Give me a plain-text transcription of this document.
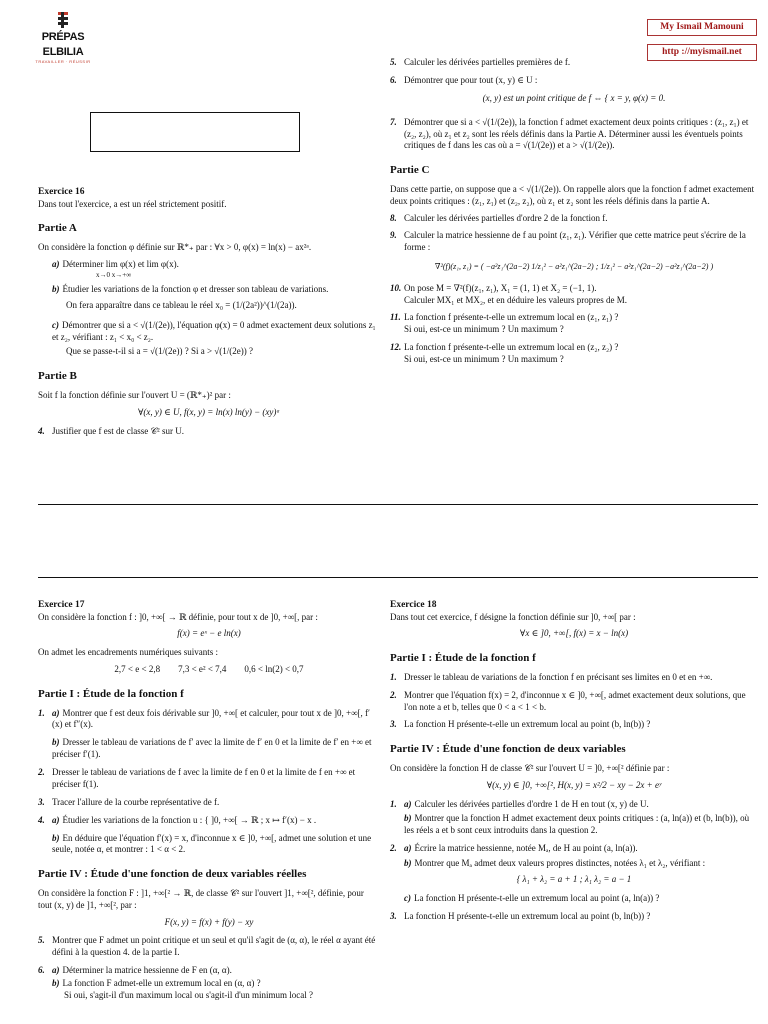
PRÉPAS ELBILIA
TRAVAILLER · RÉUSSIR
My Ismail Mamouni
http ://myismail.net
Exercice 16

Dans tout l'exercice, a est un réel strictement positif.

Partie A

On considère la fonction φ définie sur ℝ*₊ par : ∀x > 0, φ(x) = ln(x) − ax²ᵃ.

a) Déterminer lim φ(x) et lim φ(x).
x→0 x→+∞
b) Étudier les variations de la fonction φ et dresser son tableau de variations.

On fera apparaître dans ce tableau le réel x₀ = (1/(2a²))^(1/(2a)).

c) Démontrer que si a < √(1/(2e)), l'équation φ(x) = 0 admet exactement deux solutions z₁ et z₂, vérifiant : z₁ < x₀ < z₂.

Que se passe-t-il si a = √(1/(2e)) ? Si a > √(1/(2e)) ?

Partie B

Soit f la fonction définie sur l'ouvert U = (ℝ*₊)² par :

∀(x, y) ∈ U, f(x, y) = ln(x) ln(y) − (xy)ᵃ
4. Justifier que f est de classe 𝒞² sur U.
5. Calculer les dérivées partielles premières de f.
6. Démontrer que pour tout (x, y) ∈ U :
(x, y) est un point critique de f ⇔ { x = y, φ(x) = 0.
7. Démontrer que si a < √(1/(2e)), la fonction f admet exactement deux points critiques : (z₁, z₁) et (z₂, z₂), où z₁ et z₂ sont les réels définis dans la Partie A. Déterminer aussi les éventuels points critiques de f dans les cas où a = √(1/(2e)) et a > √(1/(2e)).
Partie C

Dans cette partie, on suppose que a < √(1/(2e)). On rappelle alors que la fonction f admet exactement deux points critiques : (z₁, z₁) et (z₂, z₂), où z₁ et z₂ sont les réels définis dans la partie A.

8. Calculer les dérivées partielles d'ordre 2 de la fonction f.
9. Calculer la matrice hessienne de f au point (z₁, z₁). Vérifier que cette matrice peut s'écrire de la forme :
∇²(f)(z₁, z₁) = ( −a²z₁^(2a−2) 1/z₁² − a²z₁^(2a−2) ; 1/z₁² − a²z₁^(2a−2) −a²z₁^(2a−2) )
10. On pose M = ∇²(f)(z₁, z₁), X₁ = (1, 1) et X₂ = (−1, 1).
Calculer MX₁ et MX₂, et en déduire les valeurs propres de M.
11. La fonction f présente-t-elle un extremum local en (z₁, z₁) ?
Si oui, est-ce un minimum ? Un maximum ?
12. La fonction f présente-t-elle un extremum local en (z₂, z₂) ?
Si oui, est-ce un minimum ? Un maximum ?
Exercice 17

On considère la fonction f : ]0, +∞[ → ℝ définie, pour tout x de ]0, +∞[, par :

f(x) = eˣ − e ln(x)

On admet les encadrements numériques suivants :

2,7 < e < 2,8        7,3 < e² < 7,4        0,6 < ln(2) < 0,7
Partie I : Étude de la fonction f
1. a) Montrer que f est deux fois dérivable sur ]0, +∞[ et calculer, pour tout x de ]0, +∞[, f′(x) et f″(x).
b) Dresser le tableau de variations de f′ avec la limite de f′ en 0 et la limite de f′ en +∞ et préciser f′(1).
2. Dresser le tableau de variations de f avec la limite de f en 0 et la limite de f en +∞ et préciser f(1).
3. Tracer l'allure de la courbe représentative de f.
4. a) Étudier les variations de la fonction u : { ]0, +∞[ → ℝ ; x ↦ f′(x) − x .
b) En déduire que l'équation f′(x) = x, d'inconnue x ∈ ]0, +∞[, admet une solution et une seule, notée α, et montrer : 1 < α < 2.
Partie IV : Étude d'une fonction de deux variables réelles

On considère la fonction F : ]1, +∞[² → ℝ, de classe 𝒞² sur l'ouvert ]1, +∞[², définie, pour tout (x, y) de ]1, +∞[², par :

F(x, y) = f(x) + f(y) − xy
5. Montrer que F admet un point critique et un seul et qu'il s'agit de (α, α), le réel α ayant été défini à la question 4. de la partie I.
6. a) Déterminer la matrice hessienne de F en (α, α).
b) La fonction F admet-elle un extremum local en (α, α) ?
Si oui, s'agit-il d'un maximum local ou s'agit-il d'un minimum local ?
Exercice 18

Dans tout cet exercice, f désigne la fonction définie sur ]0, +∞[ par :

∀x ∈ ]0, +∞[, f(x) = x − ln(x)
Partie I : Étude de la fonction f
1. Dresser le tableau de variations de la fonction f en précisant ses limites en 0 et en +∞.
2. Montrer que l'équation f(x) = 2, d'inconnue x ∈ ]0, +∞[, admet exactement deux solutions, que l'on note a et b, telles que 0 < a < 1 < b.
3. La fonction H présente-t-elle un extremum local au point (b, ln(b)) ?
Partie IV : Étude d'une fonction de deux variables

On considère la fonction H de classe 𝒞² sur l'ouvert U = ]0, +∞[² définie par :

∀(x, y) ∈ ]0, +∞[², H(x, y) = x²/2 − xy − 2x + eʸ
1. a) Calculer les dérivées partielles d'ordre 1 de H en tout (x, y) de U.
b) Montrer que la fonction H admet exactement deux points critiques : (a, ln(a)) et (b, ln(b)), où les réels a et b sont ceux introduits dans la question 2.
2. a) Écrire la matrice hessienne, notée Mₐ, de H au point (a, ln(a)).
b) Montrer que Mₐ admet deux valeurs propres distinctes, notées λ₁ et λ₂, vérifiant :
{ λ₁ + λ₂ = a + 1 ; λ₁ λ₂ = a − 1
c) La fonction H présente-t-elle un extremum local au point (a, ln(a)) ?
3. La fonction H présente-t-elle un extremum local au point (b, ln(b)) ?
